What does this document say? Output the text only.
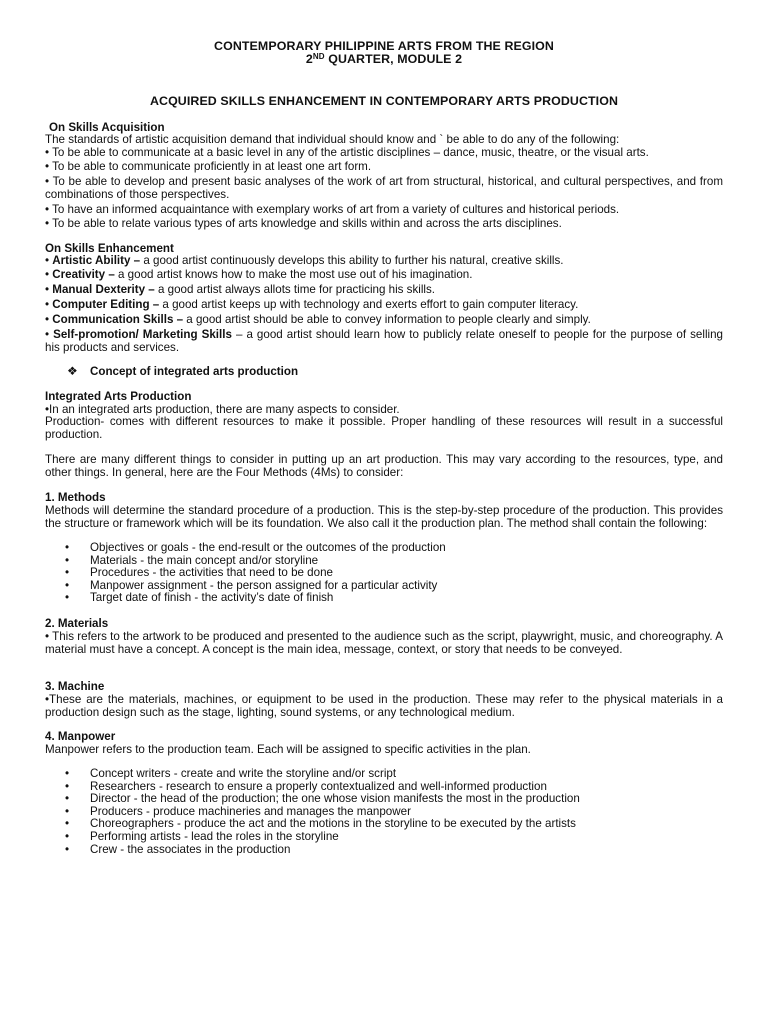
CONTEMPORARY PHILIPPINE ARTS FROM THE REGION
2ND QUARTER, MODULE 2
ACQUIRED SKILLS ENHANCEMENT IN CONTEMPORARY ARTS PRODUCTION
On Skills Acquisition
The standards of artistic acquisition demand that individual should know and ` be able to do any of the following:
• To be able to communicate at a basic level in any of the artistic disciplines – dance, music, theatre, or the visual arts.
• To be able to communicate proficiently in at least one art form.
• To be able to develop and present basic analyses of the work of art from structural, historical, and cultural perspectives, and from combinations of those perspectives.
• To have an informed acquaintance with exemplary works of art from a variety of cultures and historical periods.
• To be able to relate various types of arts knowledge and skills within and across the arts disciplines.
On Skills Enhancement
• Artistic Ability – a good artist continuously develops this ability to further his natural, creative skills.
• Creativity – a good artist knows how to make the most use out of his imagination.
• Manual Dexterity – a good artist always allots time for practicing his skills.
• Computer Editing – a good artist keeps up with technology and exerts effort to gain computer literacy.
• Communication Skills – a good artist should be able to convey information to people clearly and simply.
• Self-promotion/ Marketing Skills – a good artist should learn how to publicly relate oneself to people for the purpose of selling his products and services.
❖ Concept of integrated arts production
Integrated Arts Production
•In an integrated arts production, there are many aspects to consider.
Production- comes with different resources to make it possible. Proper handling of these resources will result in a successful production.
There are many different things to consider in putting up an art production. This may vary according to the resources, type, and other things. In general, here are the Four Methods (4Ms) to consider:
1. Methods
Methods will determine the standard procedure of a production. This is the step-by-step procedure of the production. This provides the structure or framework which will be its foundation. We also call it the production plan. The method shall contain the following:
• Objectives or goals - the end-result or the outcomes of the production
• Materials - the main concept and/or storyline
• Procedures - the activities that need to be done
• Manpower assignment - the person assigned for a particular activity
• Target date of finish - the activity’s date of finish
2. Materials
• This refers to the artwork to be produced and presented to the audience such as the script, playwright, music, and choreography. A material must have a concept. A concept is the main idea, message, context, or story that needs to be conveyed.
3. Machine
•These are the materials, machines, or equipment to be used in the production. These may refer to the physical materials in a production design such as the stage, lighting, sound systems, or any technological medium.
4. Manpower
Manpower refers to the production team. Each will be assigned to specific activities in the plan.
• Concept writers - create and write the storyline and/or script
• Researchers - research to ensure a properly contextualized and well-informed production
• Director - the head of the production; the one whose vision manifests the most in the production
• Producers - produce machineries and manages the manpower
• Choreographers - produce the act and the motions in the storyline to be executed by the artists
• Performing artists - lead the roles in the storyline
• Crew - the associates in the production
